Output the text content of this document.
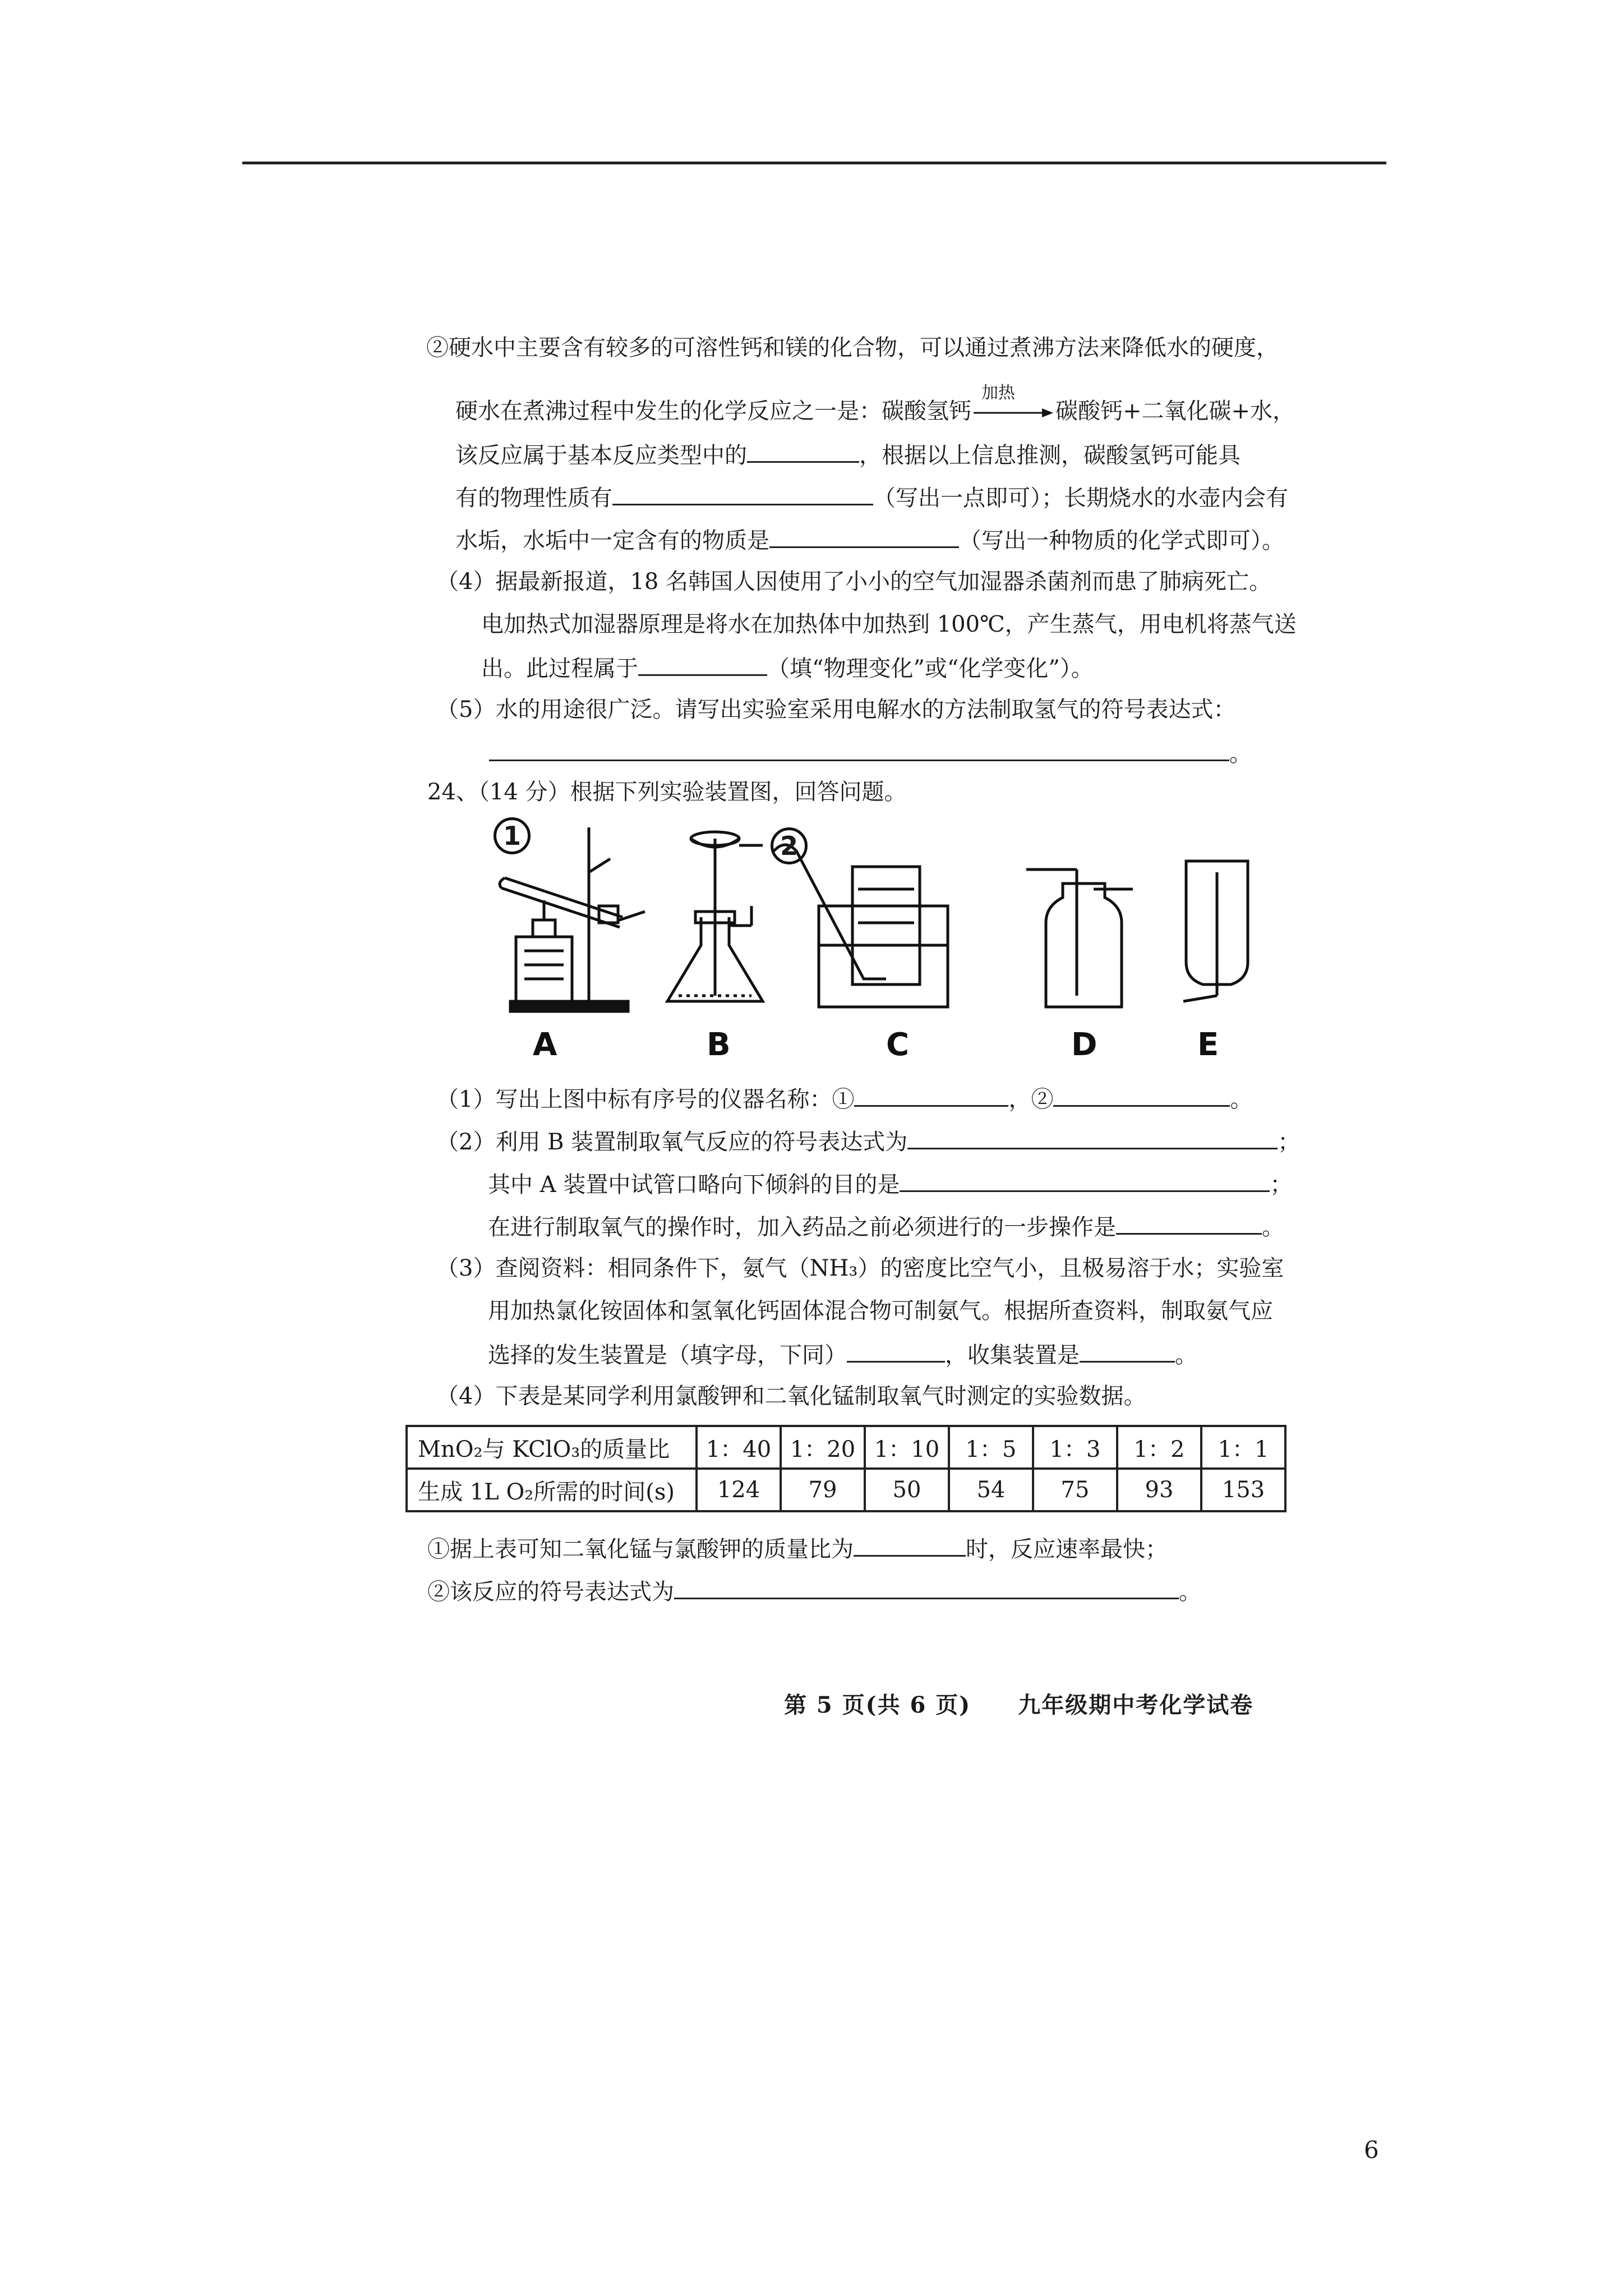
②硬水中主要含有较多的可溶性钙和镁的化合物，可以通过煮沸方法来降低水的硬度，
硬水在煮沸过程中发生的化学反应之一是：碳酸氢钙
加热
碳酸钙+二氧化碳+水，
该反应属于基本反应类型中的	，根据以上信息推测，碳酸氢钙可能具
有的物理性质有	（写出一点即可）；长期烧水的水壶内会有
水垢，水垢中一定含有的物质是	（写出一种物质的化学式即可）。
（4）据最新报道，18 名韩国人因使用了小小的空气加湿器杀菌剂而患了肺病死亡。
电加热式加湿器原理是将水在加热体中加热到 100℃，产生蒸气，用电机将蒸气送
出。此过程属于	（填“物理变化”或“化学变化”）。
（5）水的用途很广泛。请写出实验室采用电解水的方法制取氢气的符号表达式：
。
24、（14 分）根据下列实验装置图，回答问题。
1	2
A	B	C	D	E
（1）写出上图中标有序号的仪器名称：①	，②	。
（2）利用 B 装置制取氧气反应的符号表达式为	；
其中 A 装置中试管口略向下倾斜的目的是	；
在进行制取氧气的操作时，加入药品之前必须进行的一步操作是	。
（3）查阅资料：相同条件下，氨气（NH₃）的密度比空气小，且极易溶于水；实验室
用加热氯化铵固体和氢氧化钙固体混合物可制氨气。根据所查资料，制取氨气应
选择的发生装置是（填字母，下同）	，收集装置是	。
（4）下表是某同学利用氯酸钾和二氧化锰制取氧气时测定的实验数据。
MnO₂与 KClO₃的质量比	1：40	1：20	1：10	1：5	1：3	1：2	1：1
生成 1L O₂所需的时间(s)	124	79	50	54	75	93	153
①据上表可知二氧化锰与氯酸钾的质量比为	时，反应速率最快；
②该反应的符号表达式为	。
第 5 页(共 6 页)　　九年级期中考化学试卷
6
